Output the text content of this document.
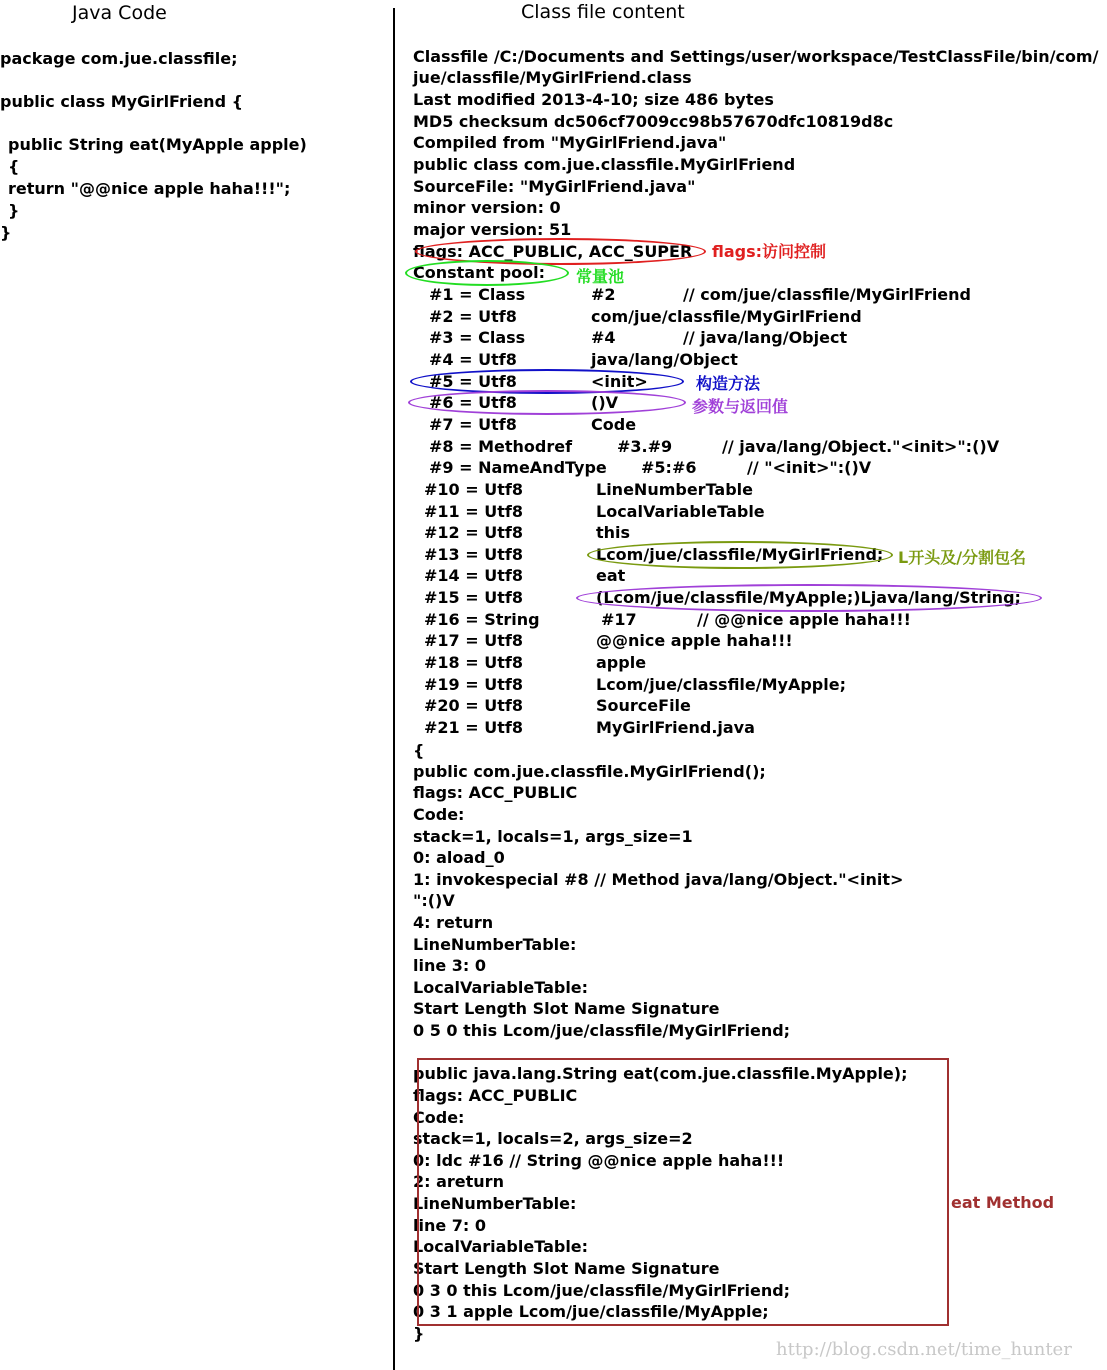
Java Code	Class file content
package com.jue.classfile;
public class MyGirlFriend {
public String eat(MyApple apple)
{
return "@@nice apple haha!!!";
}
}
Classfile /C:/Documents and Settings/user/workspace/TestClassFile/bin/com/
jue/classfile/MyGirlFriend.class
Last modified 2013-4-10; size 486 bytes
MD5 checksum dc506cf7009cc98b57670dfc10819d8c
Compiled from "MyGirlFriend.java"
public class com.jue.classfile.MyGirlFriend
SourceFile: "MyGirlFriend.java"
minor version: 0
major version: 51
flags: ACC_PUBLIC, ACC_SUPER
Constant pool:
#1 = Class	#2	// com/jue/classfile/MyGirlFriend
#2 = Utf8	com/jue/classfile/MyGirlFriend
#3 = Class	#4	// java/lang/Object
#4 = Utf8	java/lang/Object
#5 = Utf8	<init>
#6 = Utf8	()V
#7 = Utf8	Code
#8 = Methodref	#3.#9	// java/lang/Object."<init>":()V
#9 = NameAndType #5:#6	// "<init>":()V
#10 = Utf8	LineNumberTable
#11 = Utf8	LocalVariableTable
#12 = Utf8	this
#13 = Utf8	Lcom/jue/classfile/MyGirlFriend;
#14 = Utf8	eat
#15 = Utf8	(Lcom/jue/classfile/MyApple;)Ljava/lang/String;
#16 = String	#17	// @@nice apple haha!!!
#17 = Utf8	@@nice apple haha!!!
#18 = Utf8	apple
#19 = Utf8	Lcom/jue/classfile/MyApple;
#20 = Utf8	SourceFile
#21 = Utf8	MyGirlFriend.java
{
public com.jue.classfile.MyGirlFriend();
flags: ACC_PUBLIC
Code:
stack=1, locals=1, args_size=1
0: aload_0
1: invokespecial #8 // Method java/lang/Object."<init>
":()V
4: return
LineNumberTable:
line 3: 0
LocalVariableTable:
Start Length Slot Name Signature
0 5 0 this Lcom/jue/classfile/MyGirlFriend;
public java.lang.String eat(com.jue.classfile.MyApple);
flags: ACC_PUBLIC
Code:
stack=1, locals=2, args_size=2
0: ldc #16 // String @@nice apple haha!!!
2: areturn
LineNumberTable:
line 7: 0
LocalVariableTable:
Start Length Slot Name Signature
0 3 0 this Lcom/jue/classfile/MyGirlFriend;
0 3 1 apple Lcom/jue/classfile/MyApple;
}
flags:访问控制
常量池
构造方法
参数与返回值
L开头及/分割包名
eat Method
http://blog.csdn.net/time_hunter
